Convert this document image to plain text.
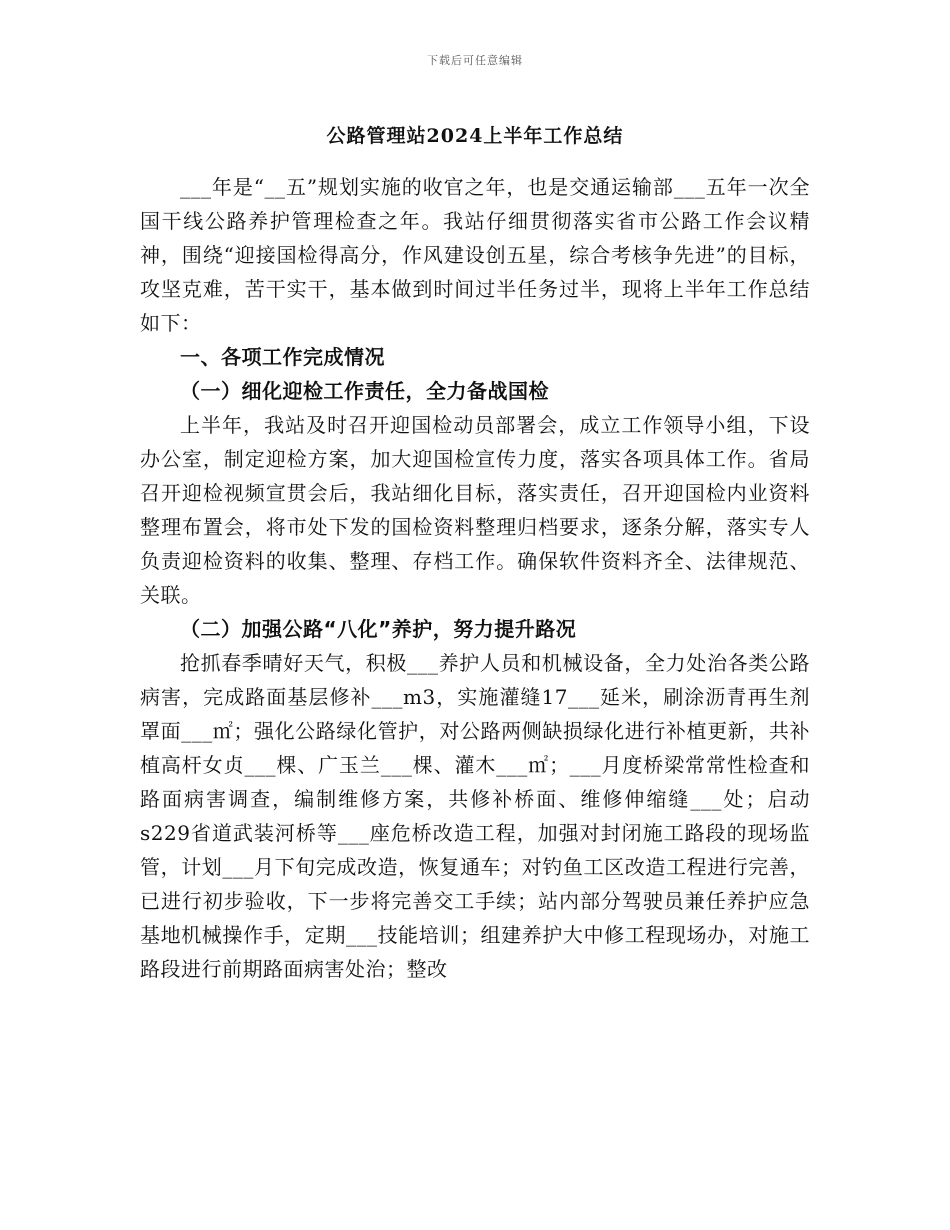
下载后可任意编辑
公路管理站2024上半年工作总结

___年是“__五”规划实施的收官之年，也是交通运输部___五年一次全国干线公路养护管理检查之年。我站仔细贯彻落实省市公路工作会议精神，围绕“迎接国检得高分，作风建设创五星，综合考核争先进”的目标，攻坚克难，苦干实干，基本做到时间过半任务过半，现将上半年工作总结如下：

一、各项工作完成情况

（一）细化迎检工作责任，全力备战国检

上半年，我站及时召开迎国检动员部署会，成立工作领导小组，下设办公室，制定迎检方案，加大迎国检宣传力度，落实各项具体工作。省局召开迎检视频宣贯会后，我站细化目标，落实责任，召开迎国检内业资料整理布置会，将市处下发的国检资料整理归档要求，逐条分解，落实专人负责迎检资料的收集、整理、存档工作。确保软件资料齐全、法律规范、关联。

（二）加强公路“八化”养护，努力提升路况

抢抓春季晴好天气，积极___养护人员和机械设备，全力处治各类公路病害，完成路面基层修补___m3，实施灌缝17___延米，刷涂沥青再生剂罩面___㎡；强化公路绿化管护，对公路两侧缺损绿化进行补植更新，共补植高杆女贞___棵、广玉兰___棵、灌木___㎡；___月度桥梁常常性检查和路面病害调查，编制维修方案，共修补桥面、维修伸缩缝___处；启动s229省道武装河桥等___座危桥改造工程，加强对封闭施工路段的现场监管，计划___月下旬完成改造，恢复通车；对钓鱼工区改造工程进行完善，已进行初步验收，下一步将完善交工手续；站内部分驾驶员兼任养护应急基地机械操作手，定期___技能培训；组建养护大中修工程现场办，对施工路段进行前期路面病害处治；整改
